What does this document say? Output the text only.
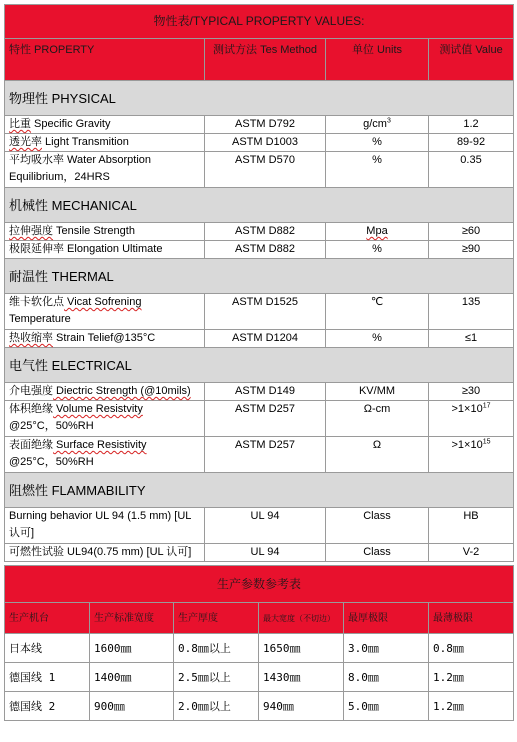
物性表/TYPICAL PROPERTY VALUES:			
特性 PROPERTY	测试方法 Tes Method	单位 Units	测试值 Value
物理性 PHYSICAL			
比重 Specific Gravity	ASTM D792	$g/cm^3$	1.2
透光率 Light Transmition	ASTM D1003	%	89-92

平均吸水率 Water Absorption
Equilibrium，24HRS	ASTM D570	%	0.35
机械性 MECHANICAL			
拉伸强度 Tensile Strength	ASTM D882	Mpa	≥60
极限延伸率 Elongation Ultimate	ASTM D882	%	≥90
耐温性 THERMAL			

维卡软化点 Vicat Sofrening
Temperature	ASTM D1525	℃	135
热收缩率 Strain Telief@135°C	ASTM D1204	%	≤1
电气性 ELECTRICAL			
介电强度 Diectric Strength (@10mils)	ASTM D149	KV/MM	≥30

体积绝缘 Volume Resistvity
@25°C，50%RH	ASTM D257	Ω-cm	$>1\times 10^{17}$

表面绝缘 Surface Resistivity
@25°C，50%RH	ASTM D257	Ω	$>1\times 10^{15}$
阻燃性 FLAMMABILITY			

Burning behavior UL 94 (1.5 mm) [UL
认可]	UL 94	Class	HB
可燃性试验 UL94(0.75 mm) [UL 认可]	UL 94	Class	V-2
生产参数参考表					
生产机台	生产标准宽度	生产厚度	最大宽度（不切边）	最厚极限	最薄极限
日本线	1600㎜	0.8㎜以上	1650㎜	3.0㎜	0.8㎜
德国线 1	1400㎜	2.5㎜以上	1430㎜	8.0㎜	1.2㎜
德国线 2	900㎜	2.0㎜以上	940㎜	5.0㎜	1.2㎜
